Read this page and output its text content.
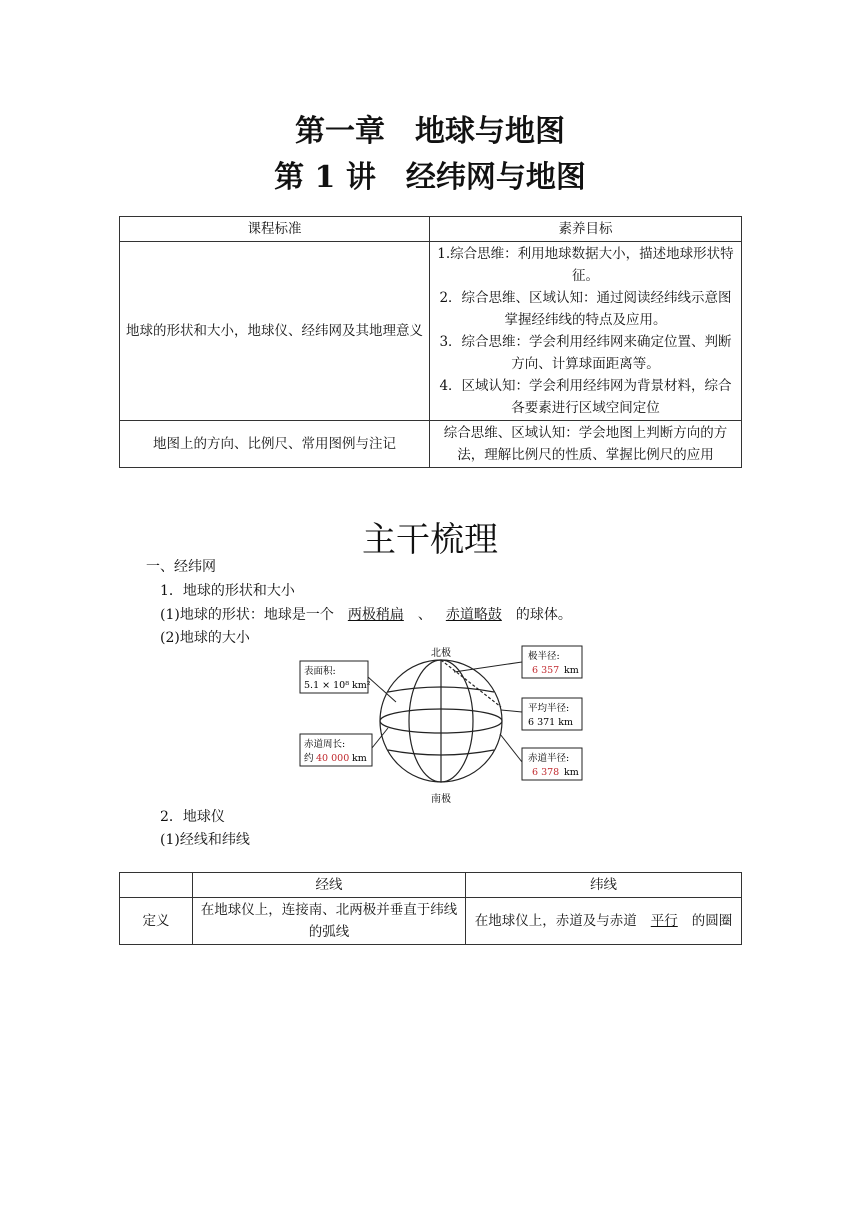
第一章　地球与地图
第 1 讲　经纬网与地图
课程标准	素养目标
地球的形状和大小，地球仪、经纬网及其地理意义	1.综合思维：利用地球数据大小，描述地球形状特征。
2．综合思维、区域认知：通过阅读经纬线示意图掌握经纬线的特点及应用。
3．综合思维：学会利用经纬网来确定位置、判断方向、计算球面距离等。
4．区域认知：学会利用经纬网为背景材料，综合各要素进行区域空间定位

地图上的方向、比例尺、常用图例与注记	综合思维、区域认知：学会地图上判断方向的方法，理解比例尺的性质、掌握比例尺的应用
主干梳理
一、经纬网
1．地球的形状和大小
(1)地球的形状：地球是一个 两极稍扁 、 赤道略鼓 的球体。
(2)地球的大小
北极
南极
表面积:
5.1 × 10⁸ km²
赤道周长:
约 40 000 km
极半径:
6 357 km
平均半径:
6 371 km
赤道半径:
6 378 km
2．地球仪
(1)经线和纬线
	经线	纬线
定义	在地球仪上，连接南、北两极并垂直于纬线的弧线	在地球仪上，赤道及与赤道 平行 的圆圈
